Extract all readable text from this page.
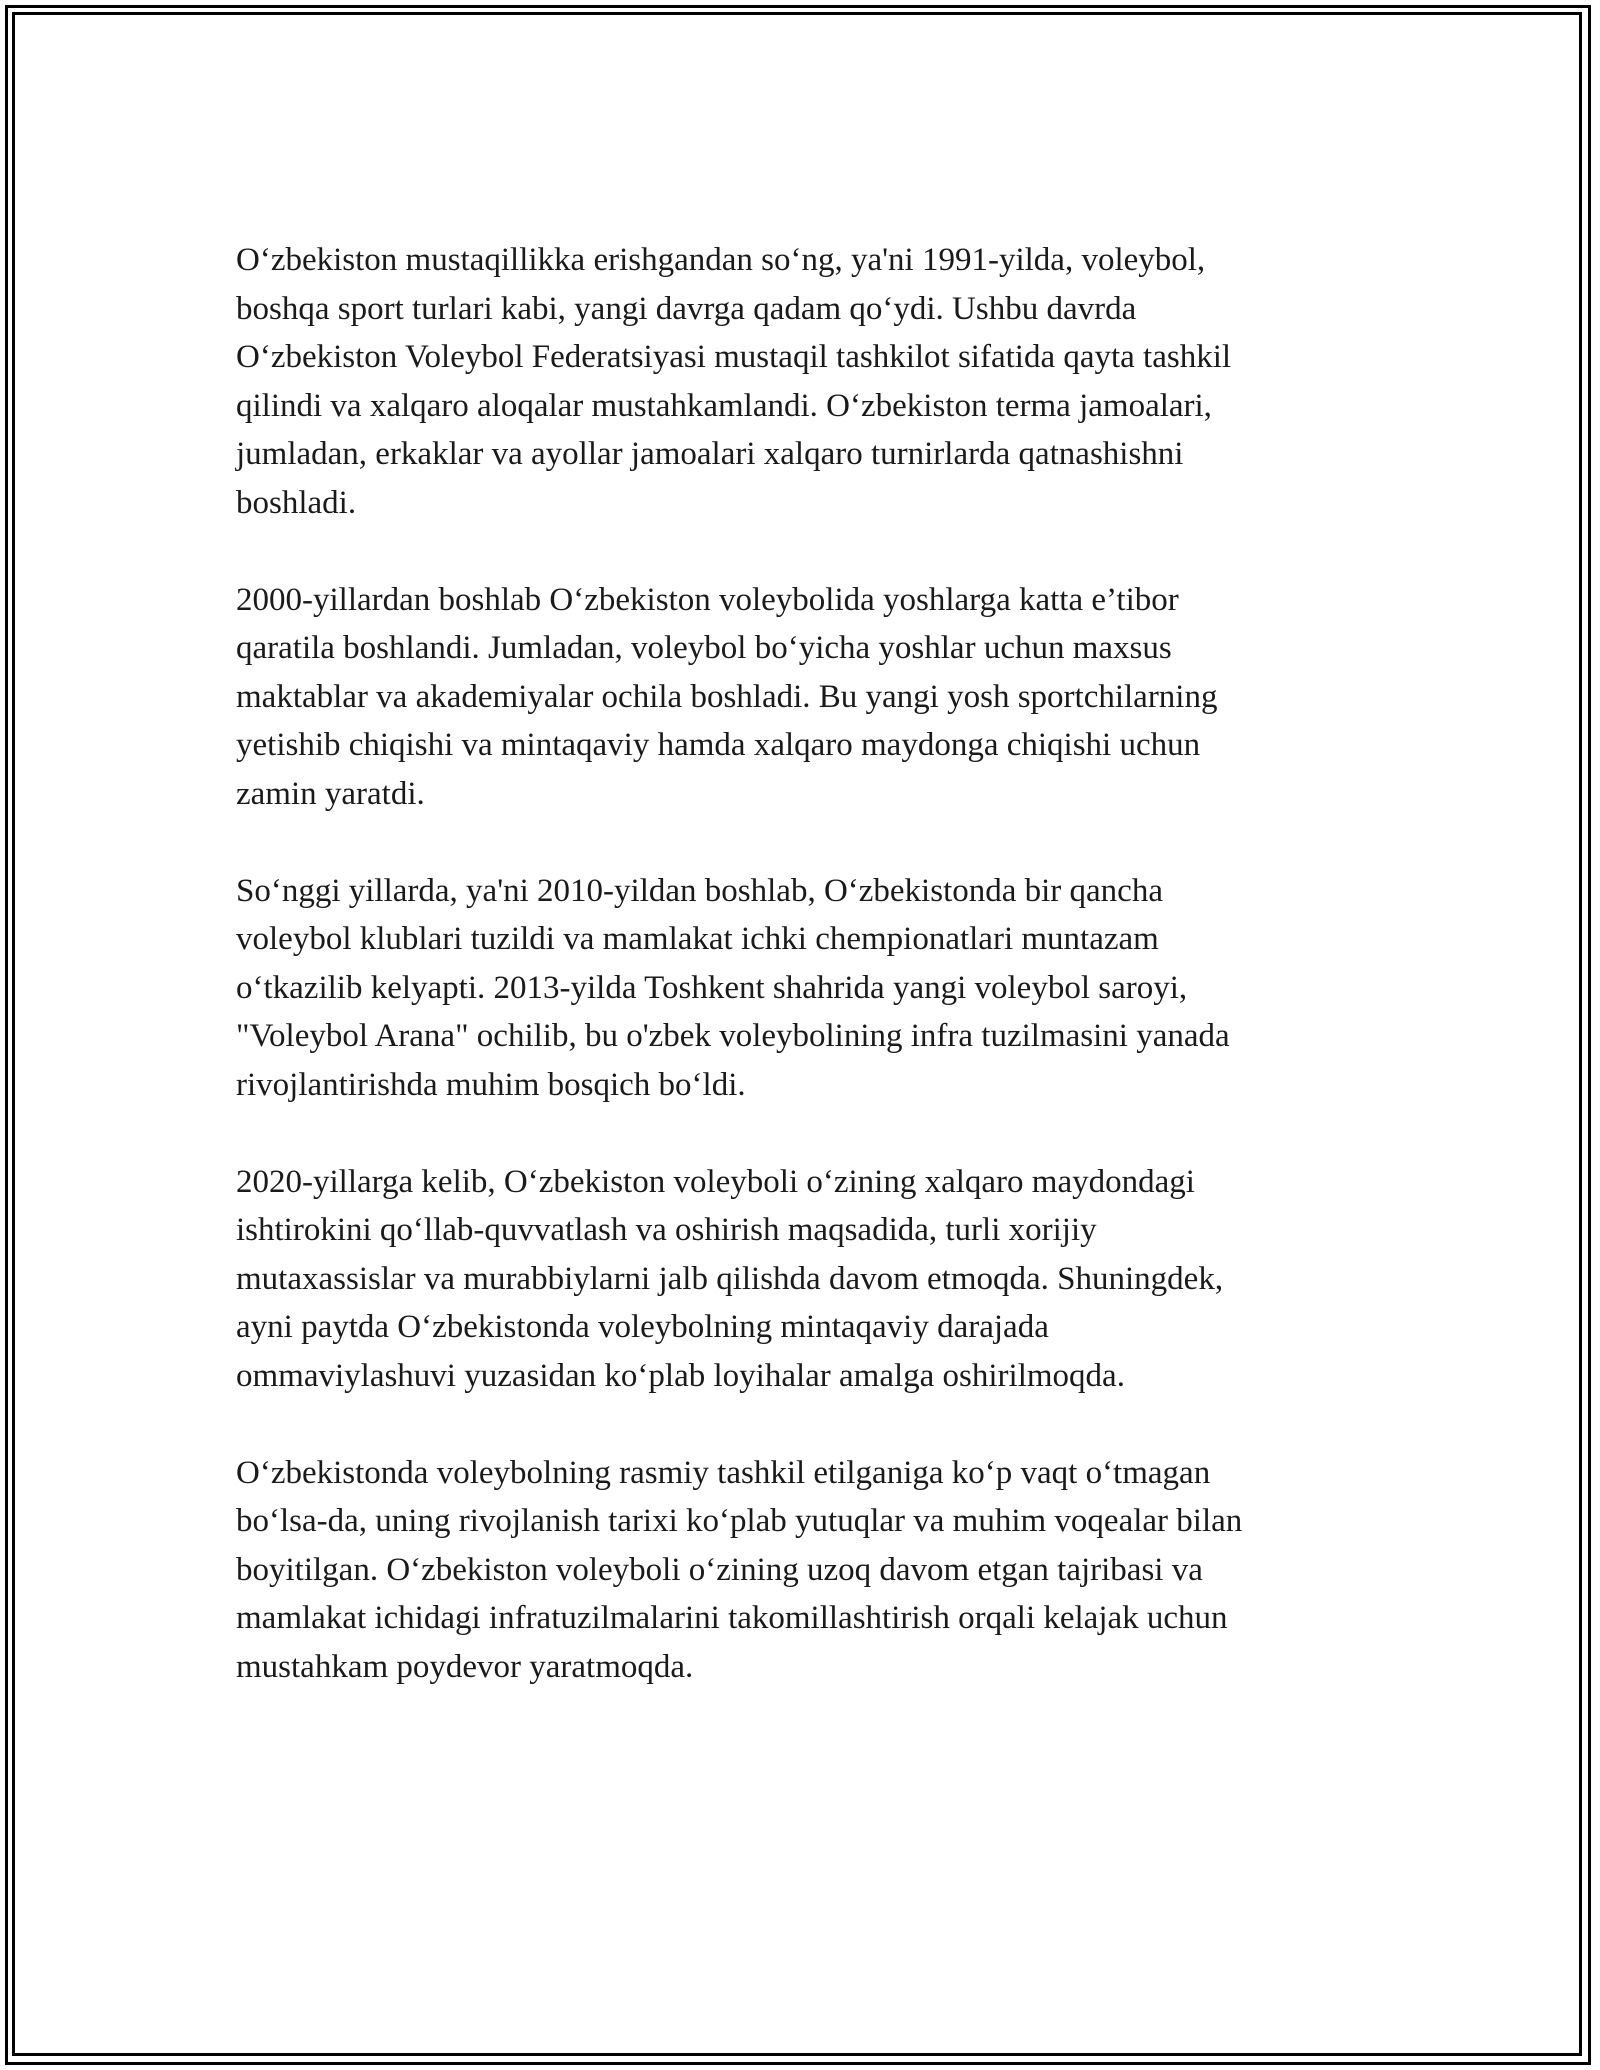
O‘zbekiston mustaqillikka erishgandan so‘ng, ya'ni 1991-yilda, voleybol,
boshqa sport turlari kabi, yangi davrga qadam qo‘ydi. Ushbu davrda
O‘zbekiston Voleybol Federatsiyasi mustaqil tashkilot sifatida qayta tashkil
qilindi va xalqaro aloqalar mustahkamlandi. O‘zbekiston terma jamoalari,
jumladan, erkaklar va ayollar jamoalari xalqaro turnirlarda qatnashishni
boshladi.

2000-yillardan boshlab O‘zbekiston voleybolida yoshlarga katta e’tibor
qaratila boshlandi. Jumladan, voleybol bo‘yicha yoshlar uchun maxsus
maktablar va akademiyalar ochila boshladi. Bu yangi yosh sportchilarning
yetishib chiqishi va mintaqaviy hamda xalqaro maydonga chiqishi uchun
zamin yaratdi.

So‘nggi yillarda, ya'ni 2010-yildan boshlab, O‘zbekistonda bir qancha
voleybol klublari tuzildi va mamlakat ichki chempionatlari muntazam
o‘tkazilib kelyapti. 2013-yilda Toshkent shahrida yangi voleybol saroyi,
"Voleybol Arana" ochilib, bu o'zbek voleybolining infra tuzilmasini yanada
rivojlantirishda muhim bosqich bo‘ldi.

2020-yillarga kelib, O‘zbekiston voleyboli o‘zining xalqaro maydondagi
ishtirokini qo‘llab-quvvatlash va oshirish maqsadida, turli xorijiy
mutaxassislar va murabbiylarni jalb qilishda davom etmoqda. Shuningdek,
ayni paytda O‘zbekistonda voleybolning mintaqaviy darajada
ommaviylashuvi yuzasidan ko‘plab loyihalar amalga oshirilmoqda.

O‘zbekistonda voleybolning rasmiy tashkil etilganiga ko‘p vaqt o‘tmagan
bo‘lsa-da, uning rivojlanish tarixi ko‘plab yutuqlar va muhim voqealar bilan
boyitilgan. O‘zbekiston voleyboli o‘zining uzoq davom etgan tajribasi va
mamlakat ichidagi infratuzilmalarini takomillashtirish orqali kelajak uchun
mustahkam poydevor yaratmoqda.
